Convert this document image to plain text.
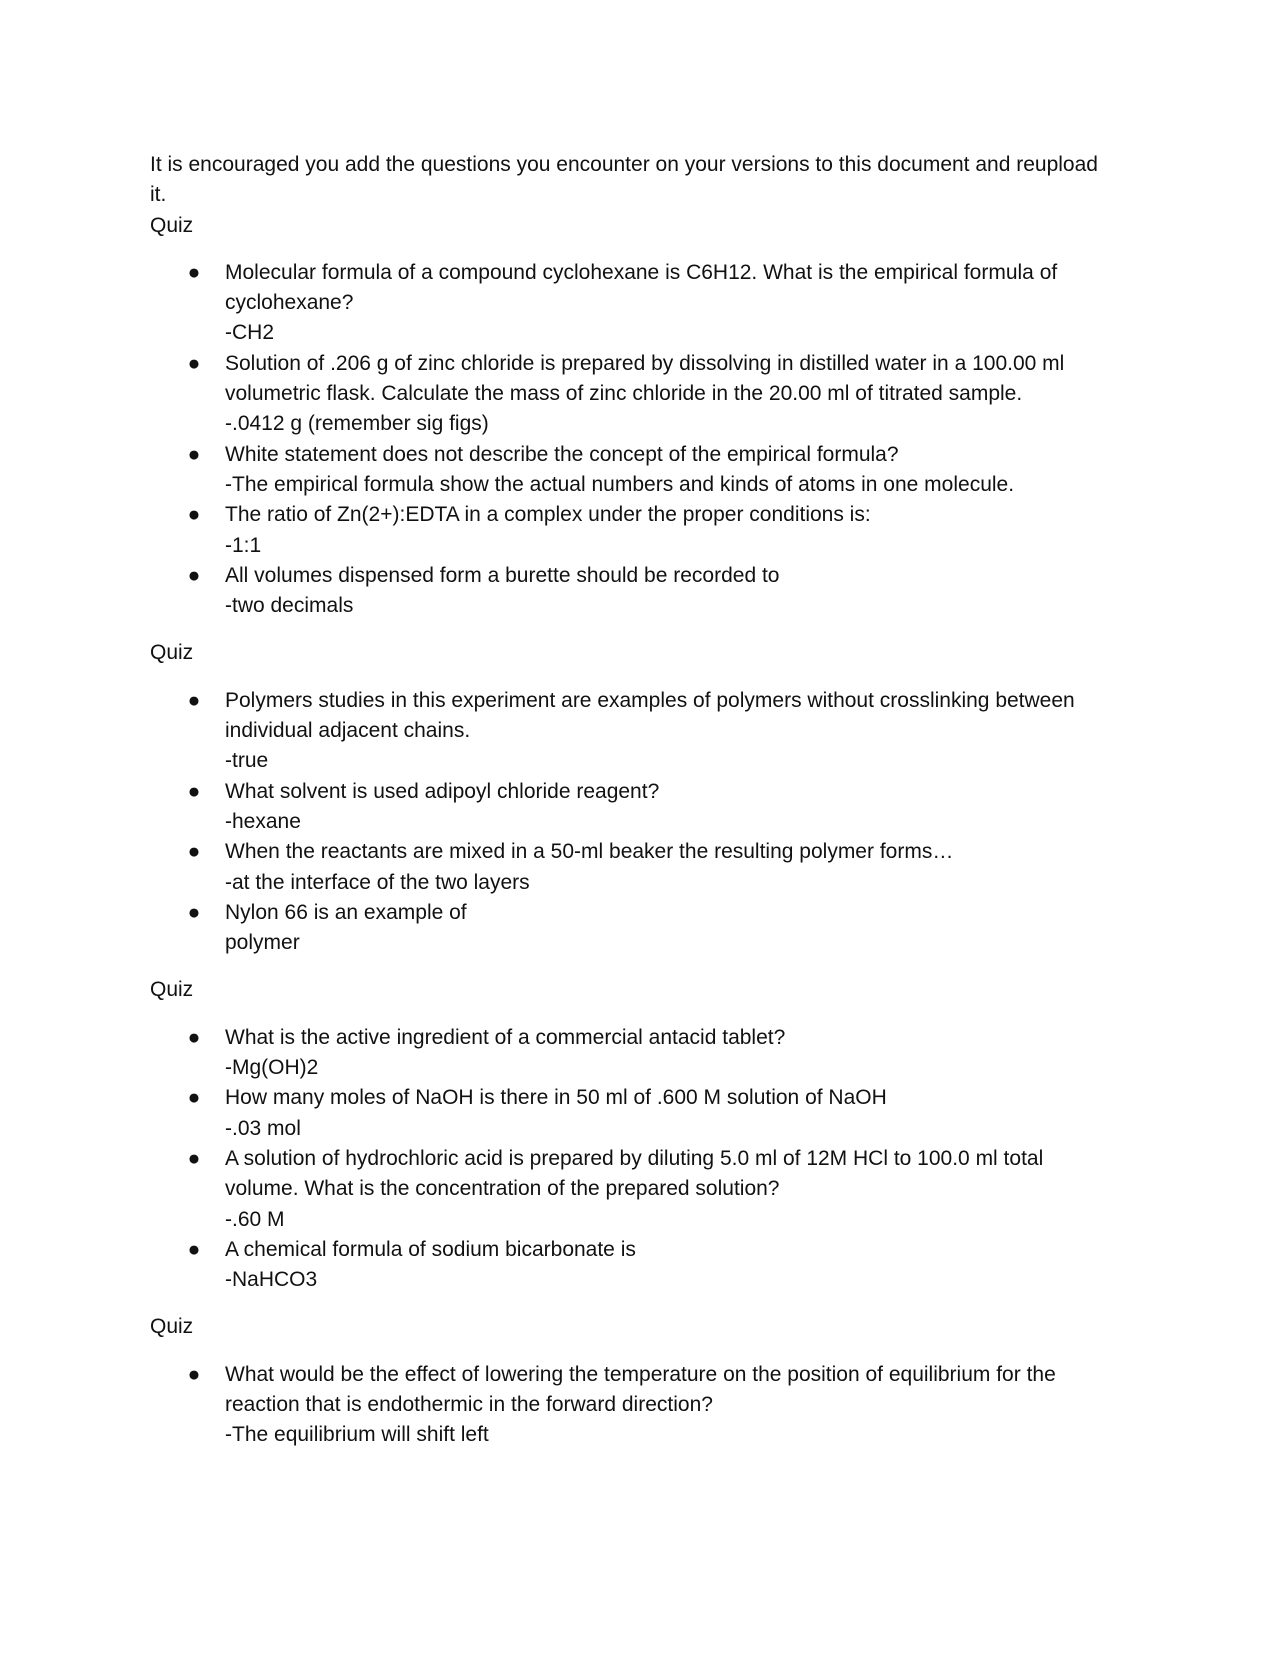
It is encouraged you add the questions you encounter on your versions to this document and reupload it.

Quiz

● Molecular formula of a compound cyclohexane is C6H12. What is the empirical formula of cyclohexane?
-CH2
● Solution of .206 g of zinc chloride is prepared by dissolving in distilled water in a 100.00 ml volumetric flask. Calculate the mass of zinc chloride in the 20.00 ml of titrated sample.
-.0412 g (remember sig figs)
● White statement does not describe the concept of the empirical formula?
-The empirical formula show the actual numbers and kinds of atoms in one molecule.
● The ratio of Zn(2+):EDTA in a complex under the proper conditions is:
-1:1
● All volumes dispensed form a burette should be recorded to
-two decimals

Quiz

● Polymers studies in this experiment are examples of polymers without crosslinking between individual adjacent chains.
-true
● What solvent is used adipoyl chloride reagent?
-hexane
● When the reactants are mixed in a 50-ml beaker the resulting polymer forms…
-at the interface of the two layers
● Nylon 66 is an example of
polymer

Quiz

● What is the active ingredient of a commercial antacid tablet?
-Mg(OH)2
● How many moles of NaOH is there in 50 ml of .600 M solution of NaOH
-.03 mol
● A solution of hydrochloric acid is prepared by diluting 5.0 ml of 12M HCl to 100.0 ml total volume. What is the concentration of the prepared solution?
-.60 M
● A chemical formula of sodium bicarbonate is
-NaHCO3

Quiz

● What would be the effect of lowering the temperature on the position of equilibrium for the reaction that is endothermic in the forward direction?
-The equilibrium will shift left
